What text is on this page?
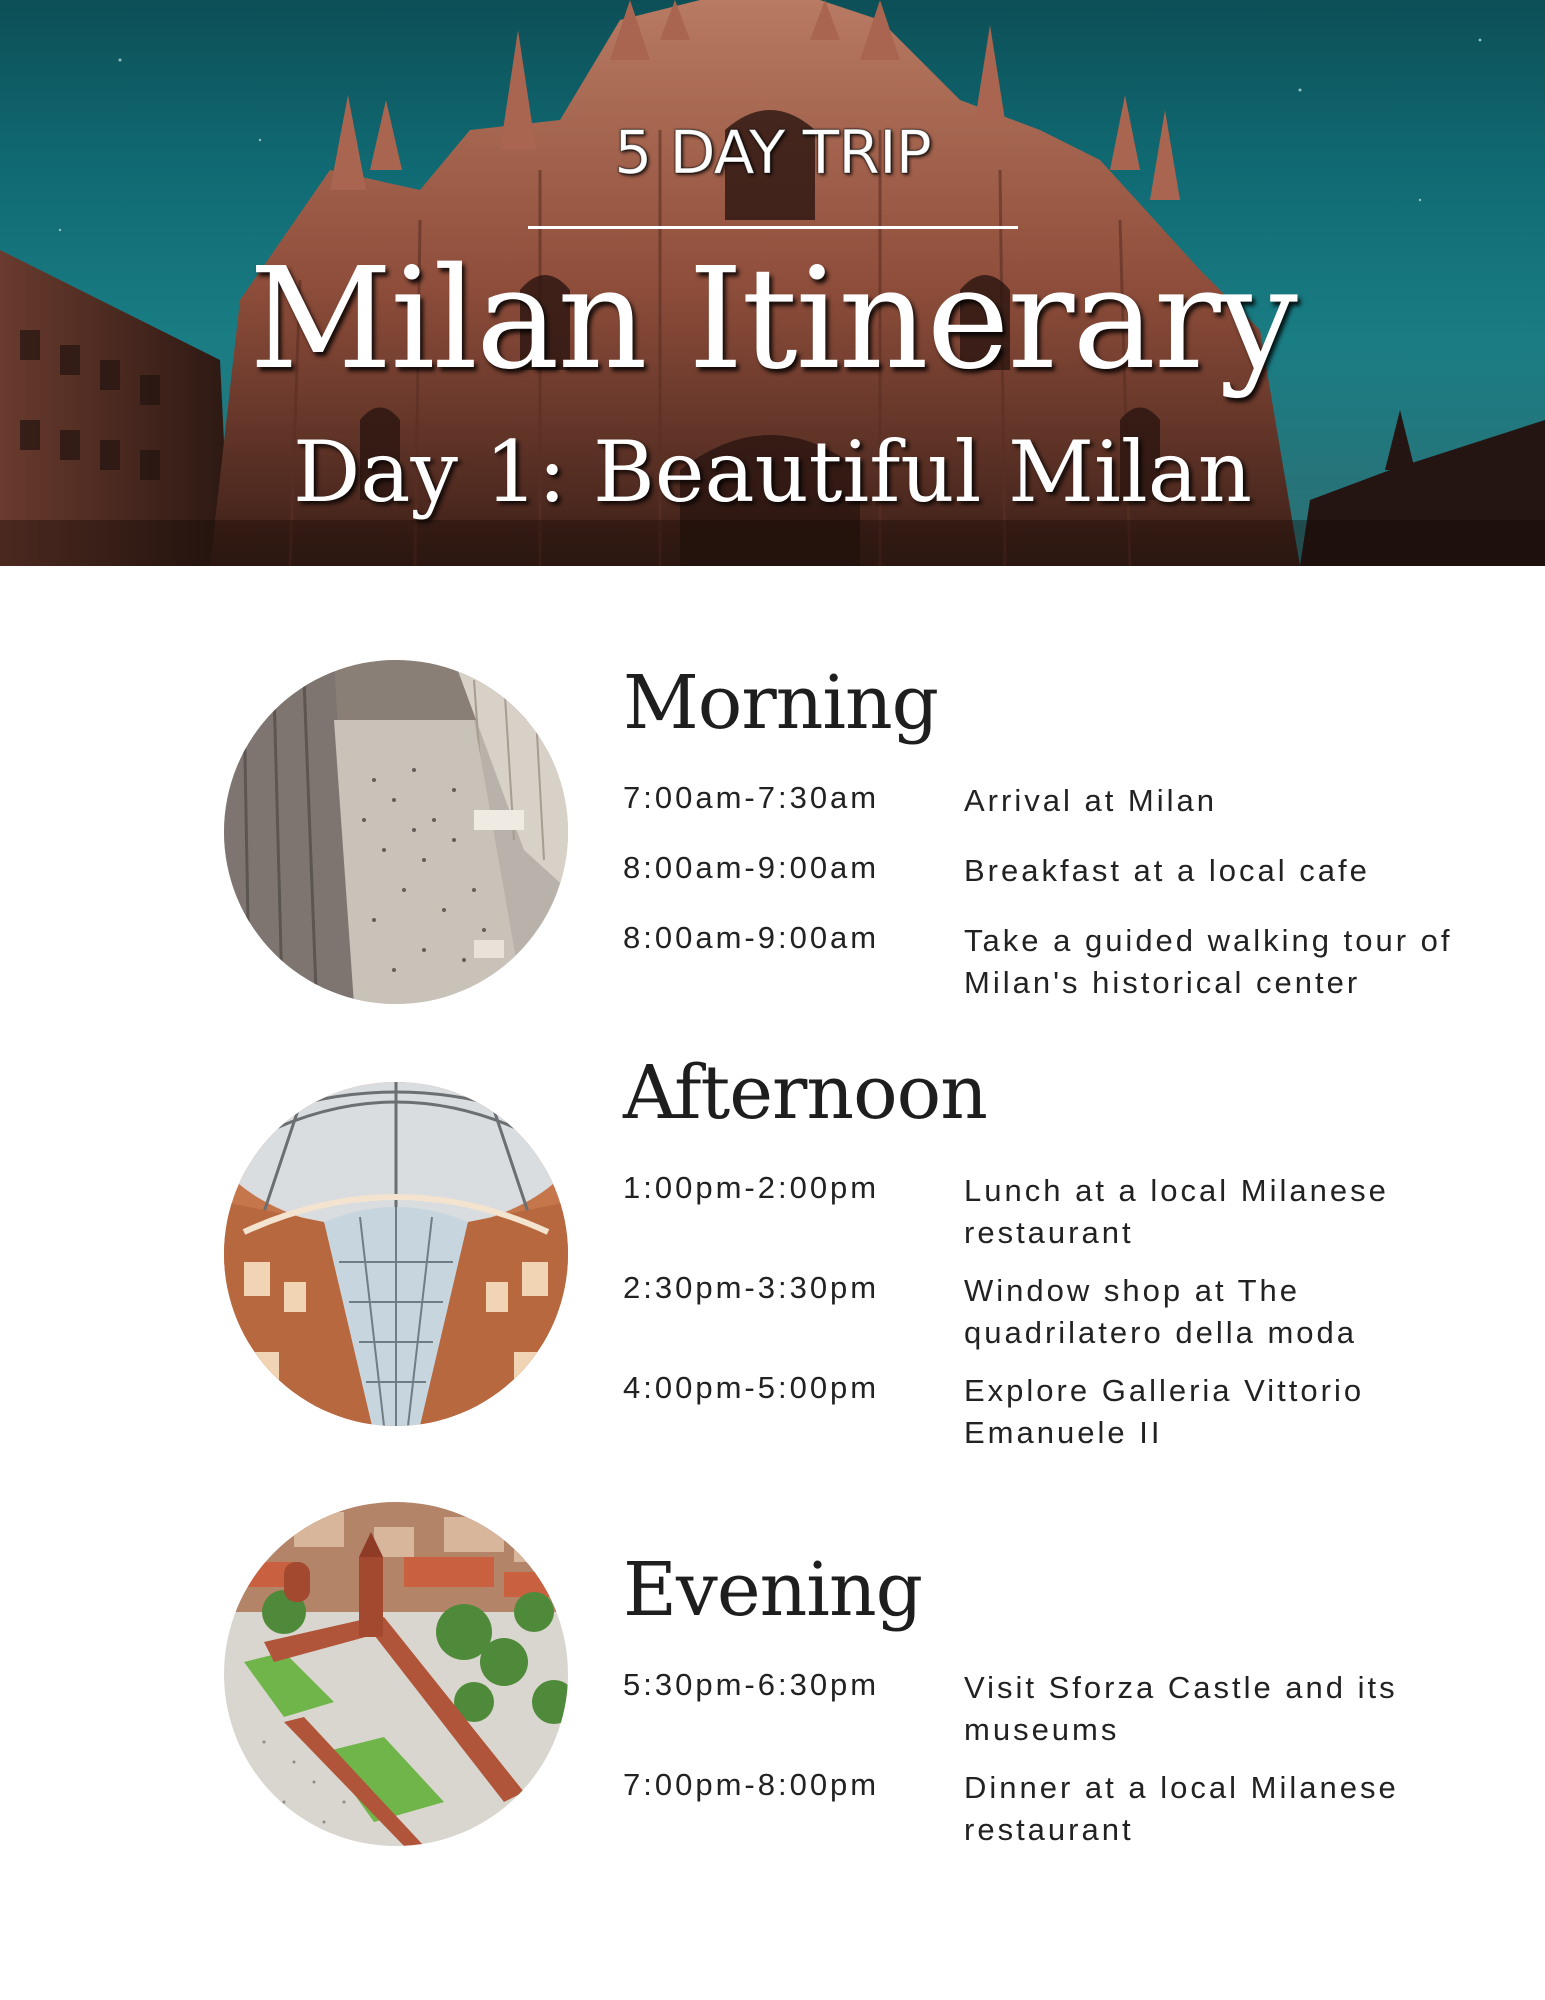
5 DAY TRIP
Milan Itinerary
Day 1: Beautiful Milan
Morning
7:00am-7:30am	Arrival at Milan
8:00am-9:00am	Breakfast at a local cafe
8:00am-9:00am	Take a guided walking tour of Milan's historical center
Afternoon
1:00pm-2:00pm	Lunch at a local Milanese restaurant
2:30pm-3:30pm	Window shop at The quadrilatero della moda
4:00pm-5:00pm	Explore Galleria Vittorio Emanuele II
Evening
5:30pm-6:30pm	Visit Sforza Castle and its museums
7:00pm-8:00pm	Dinner at a local Milanese restaurant
